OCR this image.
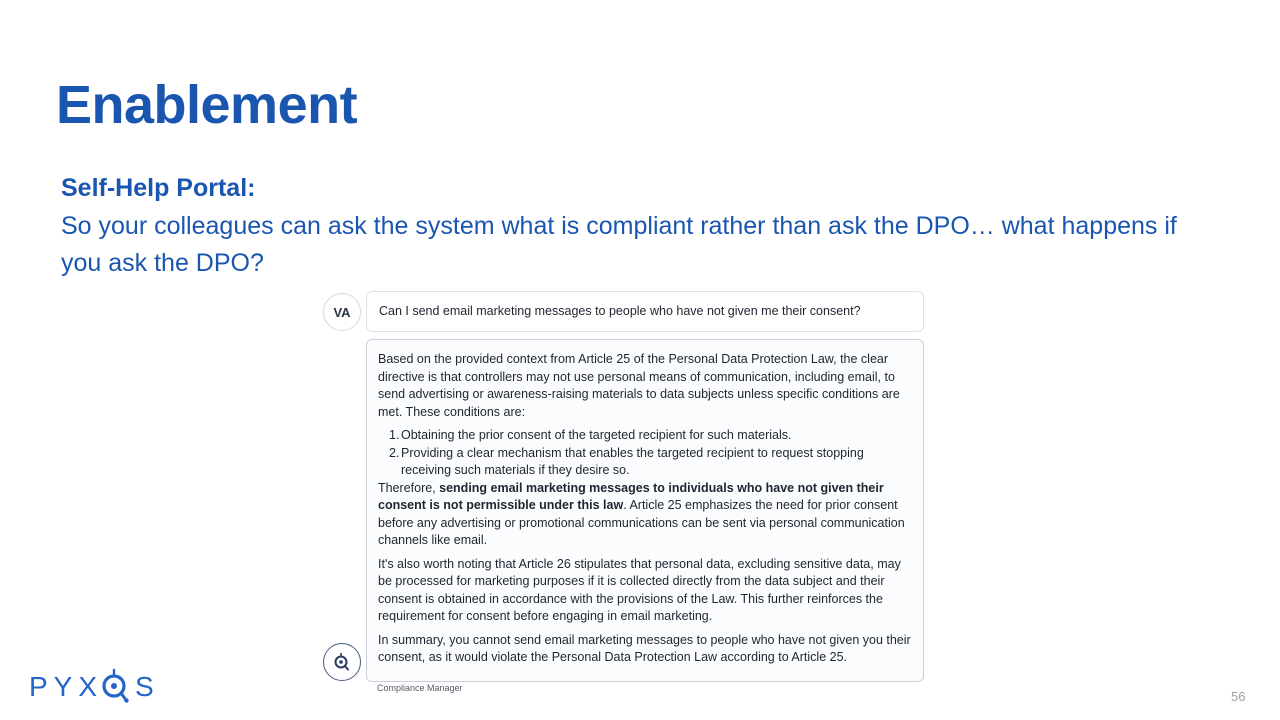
Enablement
Self-Help Portal:
So your colleagues can ask the system what is compliant rather than ask the DPO… what happens if you ask the DPO?
VA	Can I send email marketing messages to people who have not given me their consent?

Based on the provided context from Article 25 of the Personal Data Protection Law, the clear directive is that controllers may not use personal means of communication, including email, to send advertising or awareness-raising materials to data subjects unless specific conditions are met. These conditions are:

1. Obtaining the prior consent of the targeted recipient for such materials.
2. Providing a clear mechanism that enables the targeted recipient to request stopping receiving such materials if they desire so.

Therefore, sending email marketing messages to individuals who have not given their consent is not permissible under this law. Article 25 emphasizes the need for prior consent before any advertising or promotional communications can be sent via personal communication channels like email.

It's also worth noting that Article 26 stipulates that personal data, excluding sensitive data, may be processed for marketing purposes if it is collected directly from the data subject and their consent is obtained in accordance with the provisions of the Law. This further reinforces the requirement for consent before engaging in email marketing.

In summary, you cannot send email marketing messages to people who have not given you their consent, as it would violate the Personal Data Protection Law according to Article 25.

Compliance Manager
PYX S	56
